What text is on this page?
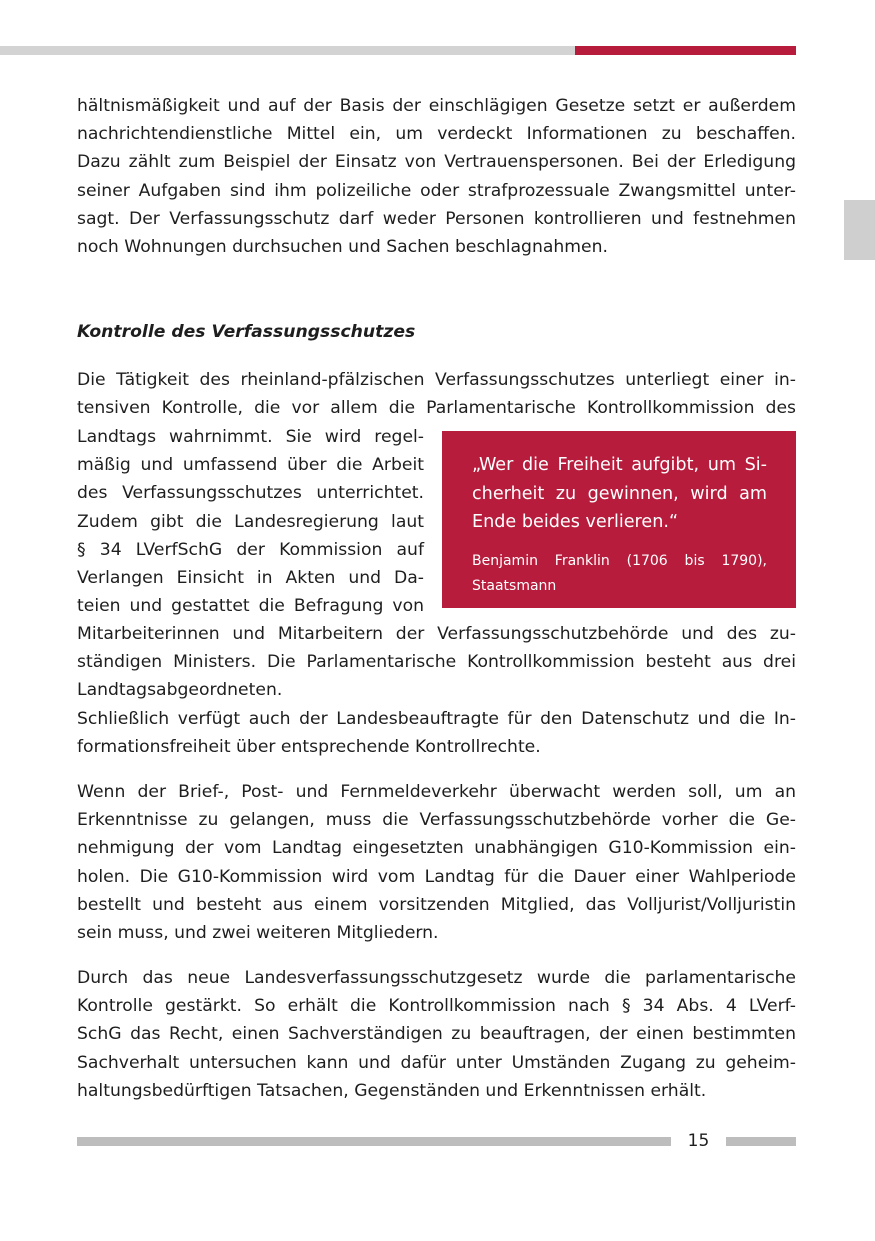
hältnismäßigkeit und auf der Basis der einschlägigen Gesetze setzt er außerdem
nachrichtendienstliche Mittel ein, um verdeckt Informationen zu beschaffen.
Dazu zählt zum Beispiel der Einsatz von Vertrauenspersonen. Bei der Erledigung
seiner Aufgaben sind ihm polizeiliche oder strafprozessuale Zwangsmittel unter-
sagt. Der Verfassungsschutz darf weder Personen kontrollieren und festnehmen
noch Wohnungen durchsuchen und Sachen beschlagnahmen.
Kontrolle des Verfassungsschutzes
Die Tätigkeit des rheinland-pfälzischen Verfassungsschutzes unterliegt einer in-
tensiven Kontrolle, die vor allem die Parlamentarische Kontrollkommission des
Landtags wahrnimmt. Sie wird regel-
mäßig und umfassend über die Arbeit
des Verfassungsschutzes unterrichtet.
Zudem gibt die Landesregierung laut
§ 34 LVerfSchG der Kommission auf
Verlangen Einsicht in Akten und Da-
teien und gestattet die Befragung von

„Wer die Freiheit aufgibt, um Si-
cherheit zu gewinnen, wird am
Ende beides verlieren.“

Benjamin Franklin (1706 bis 1790),
Staatsmann

Mitarbeiterinnen und Mitarbeitern der Verfassungsschutzbehörde und des zu-
ständigen Ministers. Die Parlamentarische Kontrollkommission besteht aus drei
Landtagsabgeordneten.
Schließlich verfügt auch der Landesbeauftragte für den Datenschutz und die In-
formationsfreiheit über entsprechende Kontrollrechte.
Wenn der Brief-, Post- und Fernmeldeverkehr überwacht werden soll, um an
Erkenntnisse zu gelangen, muss die Verfassungsschutzbehörde vorher die Ge-
nehmigung der vom Landtag eingesetzten unabhängigen G10-Kommission ein-
holen. Die G10-Kommission wird vom Landtag für die Dauer einer Wahlperiode
bestellt und besteht aus einem vorsitzenden Mitglied, das Volljurist/Volljuristin
sein muss, und zwei weiteren Mitgliedern.
Durch das neue Landesverfassungsschutzgesetz wurde die parlamentarische
Kontrolle gestärkt. So erhält die Kontrollkommission nach § 34 Abs. 4 LVerf-
SchG das Recht, einen Sachverständigen zu beauftragen, der einen bestimmten
Sachverhalt untersuchen kann und dafür unter Umständen Zugang zu geheim-
haltungsbedürftigen Tatsachen, Gegenständen und Erkenntnissen erhält.
15
